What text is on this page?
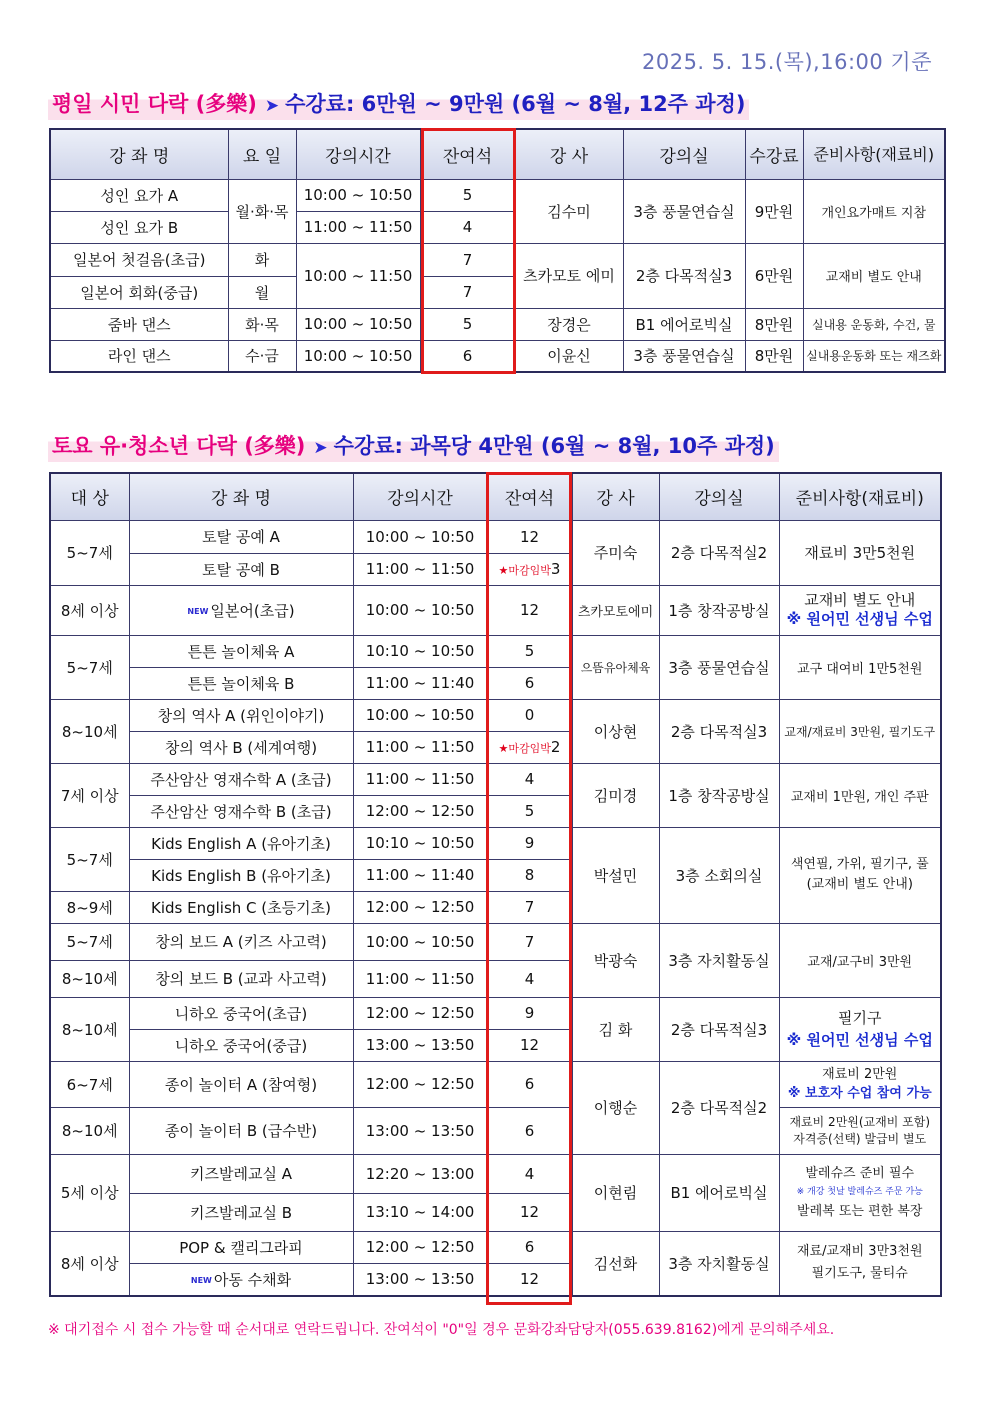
2025. 5. 15.(목),16:00 기준
평일 시민 다락 (多樂) ➤ 수강료: 6만원 ~ 9만원 (6월 ~ 8월, 12주 과정)
강 좌 명	요 일	강의시간	잔여석	강 사	강의실	수강료	준비사항(재료비)
성인 요가 A	월·화·목	10:00 ~ 10:50	5	김수미	3층 풍물연습실	9만원	개인요가매트 지참
성인 요가 B		11:00 ~ 11:50	4				
일본어 첫걸음(초급)	화	10:00 ~ 11:50	7	츠카모토 에미	2층 다목적실3	6만원	교재비 별도 안내
일본어 회화(중급)	월		7				
줌바 댄스	화·목	10:00 ~ 10:50	5	장경은	B1 에어로빅실	8만원	실내용 운동화, 수건, 물
라인 댄스	수·금	10:00 ~ 10:50	6	이윤신	3층 풍물연습실	8만원	실내용운동화 또는 재즈화
토요 유·청소년 다락 (多樂) ➤ 수강료: 과목당 4만원 (6월 ~ 8월, 10주 과정)
대 상	강 좌 명	강의시간	잔여석	강 사	강의실	준비사항(재료비)
5~7세	토탈 공예 A	10:00 ~ 10:50	12	주미숙	2층 다목적실2	재료비 3만5천원
	토탈 공예 B	11:00 ~ 11:50	★마감임박3			
8세 이상	NEW 일본어(초급)	10:00 ~ 10:50	12	츠카모토에미	1층 창작공방실	교재비 별도 안내
※ 원어민 선생님 수업

5~7세	튼튼 놀이체육 A	10:10 ~ 10:50	5	으뜸유아체육	3층 풍물연습실	교구 대여비 1만5천원
	튼튼 놀이체육 B	11:00 ~ 11:40	6			
8~10세	창의 역사 A (위인이야기)	10:00 ~ 10:50	0	이상현	2층 다목적실3	교재/재료비 3만원, 필기도구
	창의 역사 B (세계여행)	11:00 ~ 11:50	★마감임박2			
7세 이상	주산암산 영재수학 A (초급)	11:00 ~ 11:50	4	김미경	1층 창작공방실	교재비 1만원, 개인 주판
	주산암산 영재수학 B (초급)	12:00 ~ 12:50	5			
5~7세	Kids English A (유아기초)	10:10 ~ 10:50	9	박설민	3층 소회의실	색연필, 가위, 필기구, 풀
(교재비 별도 안내)

	Kids English B (유아기초)	11:00 ~ 11:40	8			
8~9세	Kids English C (초등기초)	12:00 ~ 12:50	7			
5~7세	창의 보드 A (키즈 사고력)	10:00 ~ 10:50	7	박광숙	3층 자치활동실	교재/교구비 3만원
8~10세	창의 보드 B (교과 사고력)	11:00 ~ 11:50	4			
8~10세	니하오 중국어(초급)	12:00 ~ 12:50	9	김 화	2층 다목적실3	필기구
※ 원어민 선생님 수업

	니하오 중국어(중급)	13:00 ~ 13:50	12			
6~7세	종이 놀이터 A (참여형)	12:00 ~ 12:50	6	이행순	2층 다목적실2	재료비 2만원
※ 보호자 수업 참여 가능

8~10세	종이 놀이터 B (급수반)	13:00 ~ 13:50	6			재료비 2만원(교재비 포함)
자격증(선택) 발급비 별도

5세 이상	키즈발레교실 A	12:20 ~ 13:00	4	이현림	B1 에어로빅실	발레슈즈 준비 필수
※ 개강 첫날 발레슈즈 주문 가능
발레복 또는 편한 복장

	키즈발레교실 B	13:10 ~ 14:00	12			
8세 이상	POP & 캘리그라피	12:00 ~ 12:50	6	김선화	3층 자치활동실	재료/교재비 3만3천원
필기도구, 물티슈

	NEW 아동 수채화	13:00 ~ 13:50	12			
※ 대기접수 시 접수 가능할 때 순서대로 연락드립니다. 잔여석이 "0"일 경우 문화강좌담당자(055.639.8162)에게 문의해주세요.
